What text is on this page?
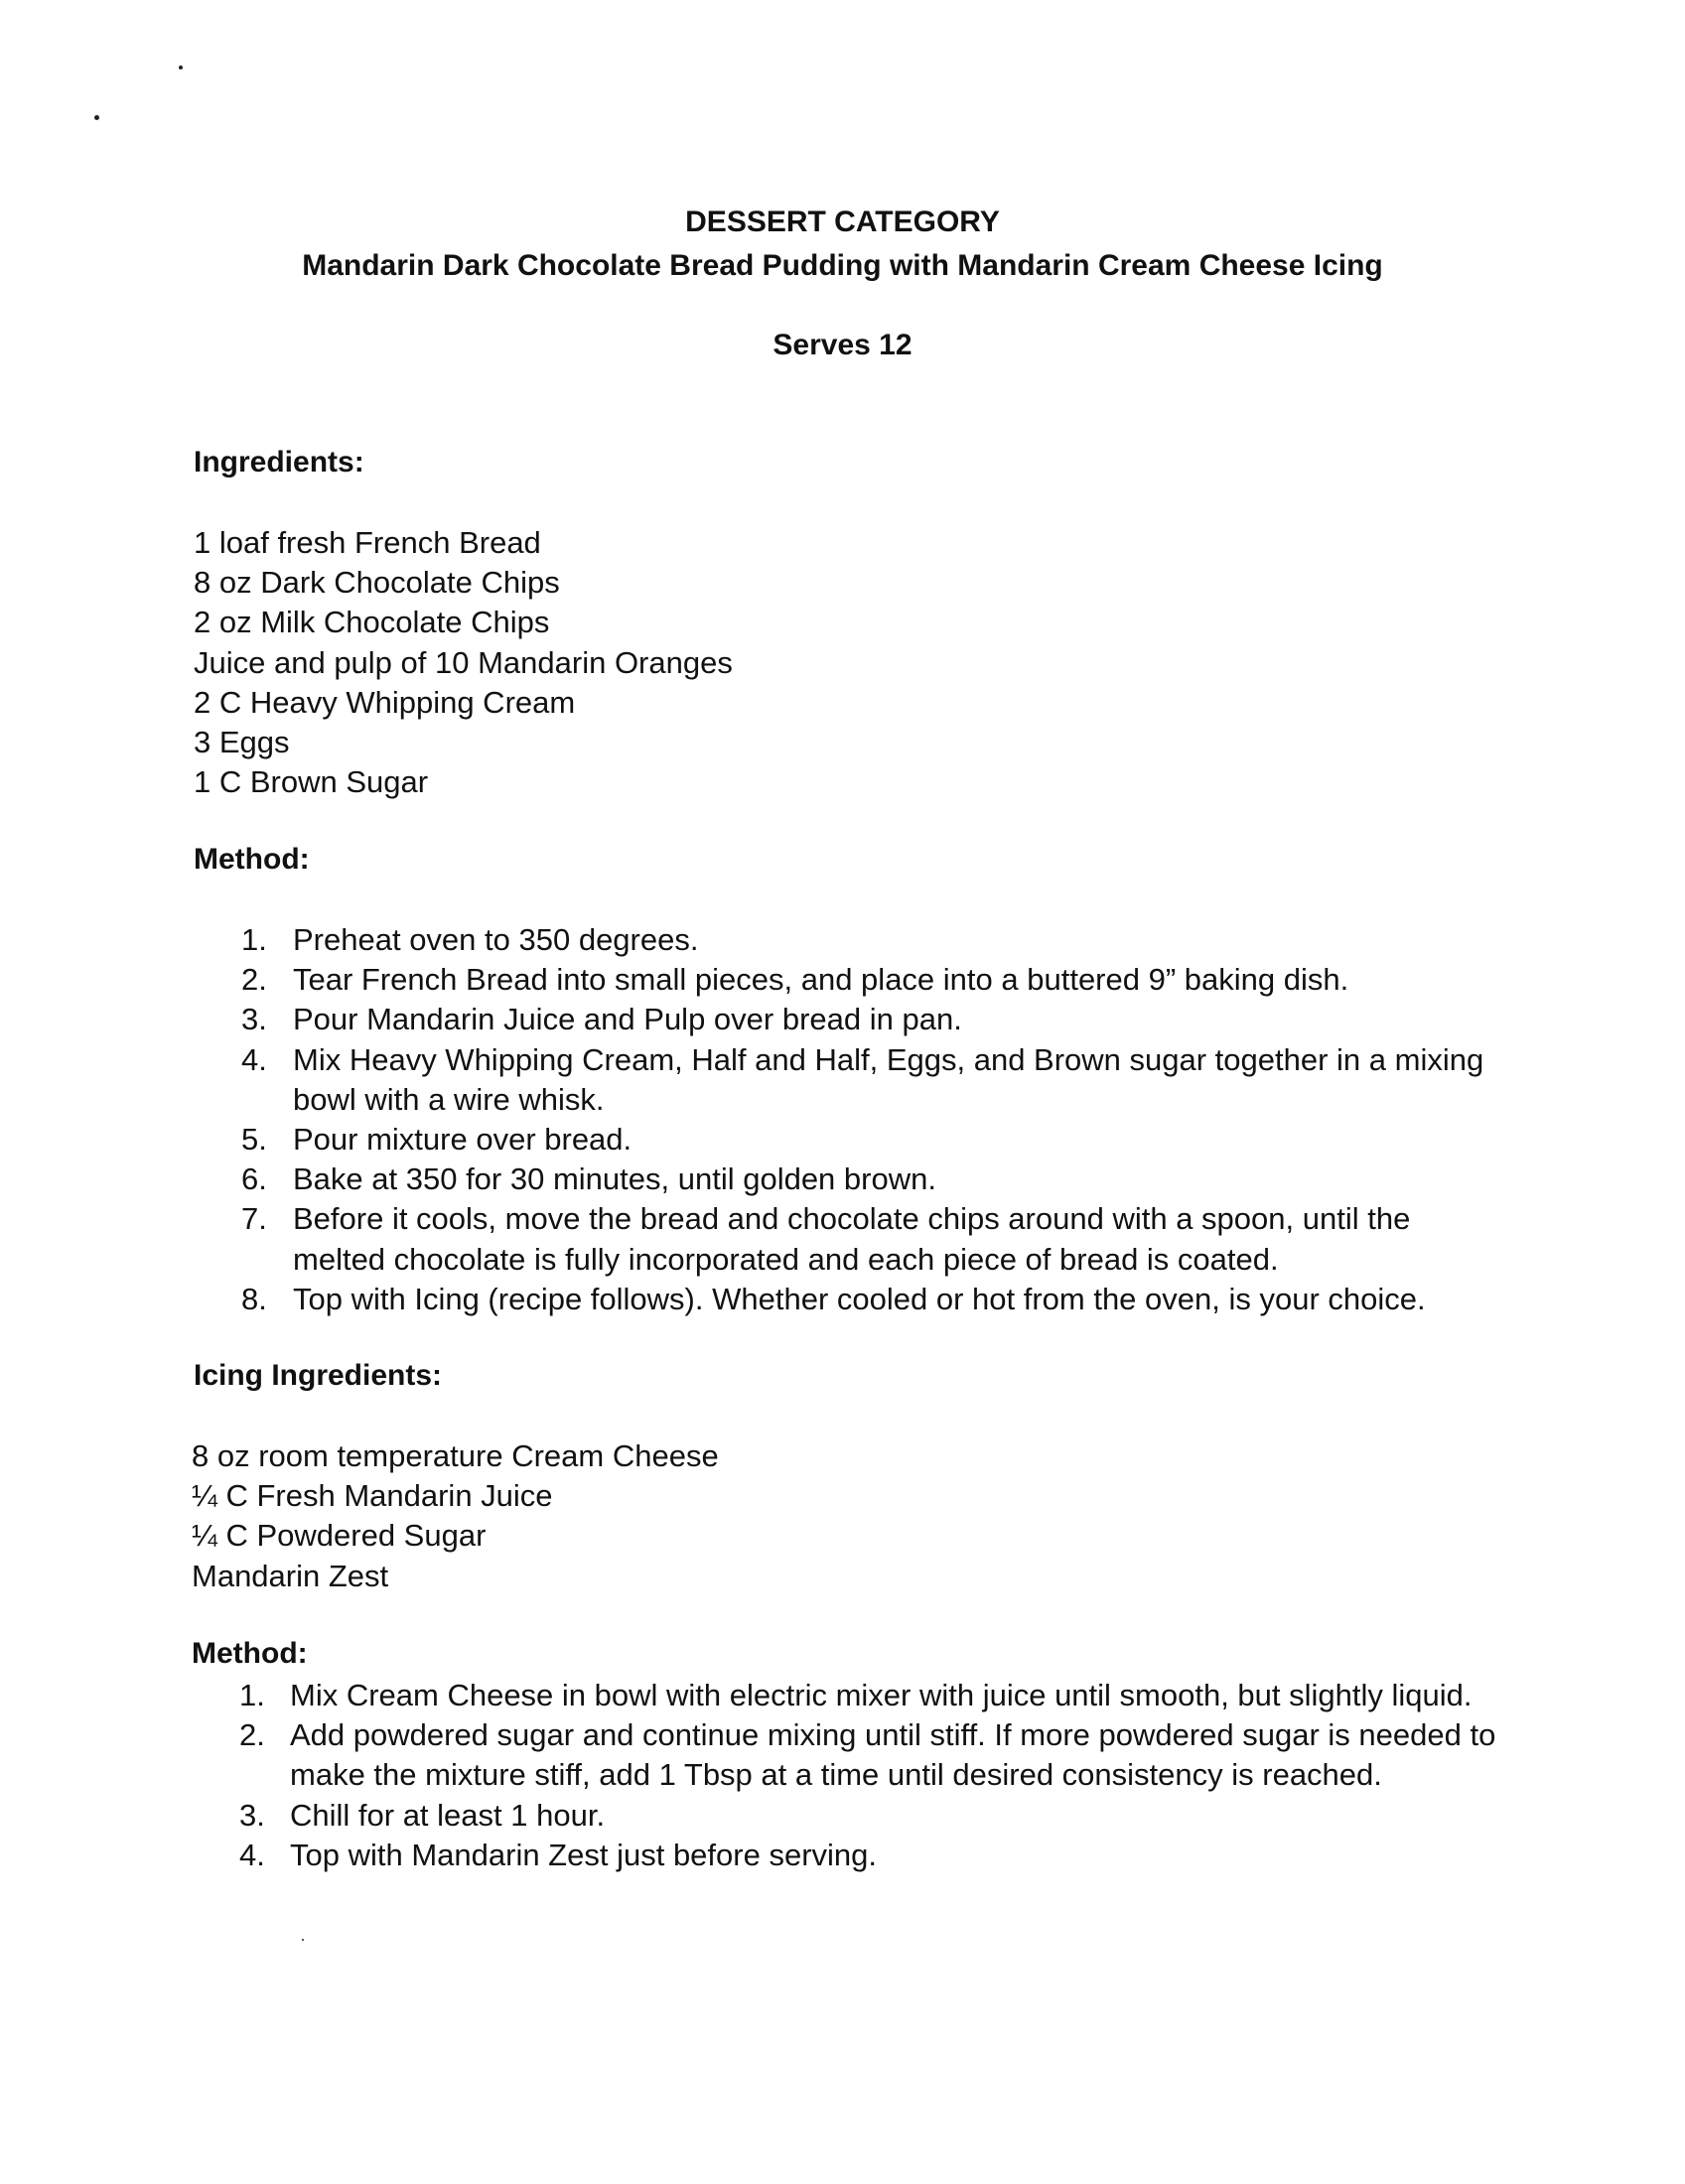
DESSERT CATEGORY
Mandarin Dark Chocolate Bread Pudding with Mandarin Cream Cheese Icing
Serves 12
Ingredients:
1 loaf fresh French Bread
8 oz Dark Chocolate Chips
2 oz Milk Chocolate Chips
Juice and pulp of 10 Mandarin Oranges
2 C Heavy Whipping Cream
3 Eggs
1 C Brown Sugar
Method:
1. Preheat oven to 350 degrees.
2. Tear French Bread into small pieces, and place into a buttered 9” baking dish.
3. Pour Mandarin Juice and Pulp over bread in pan.
4. Mix Heavy Whipping Cream, Half and Half, Eggs, and Brown sugar together in a mixing bowl with a wire whisk.
5. Pour mixture over bread.
6. Bake at 350 for 30 minutes, until golden brown.
7. Before it cools, move the bread and chocolate chips around with a spoon, until the melted chocolate is fully incorporated and each piece of bread is coated.
8. Top with Icing (recipe follows). Whether cooled or hot from the oven, is your choice.
Icing Ingredients:
8 oz room temperature Cream Cheese
¼ C Fresh Mandarin Juice
¼ C Powdered Sugar
Mandarin Zest
Method:
1. Mix Cream Cheese in bowl with electric mixer with juice until smooth, but slightly liquid.
2. Add powdered sugar and continue mixing until stiff. If more powdered sugar is needed to make the mixture stiff, add 1 Tbsp at a time until desired consistency is reached.
3. Chill for at least 1 hour.
4. Top with Mandarin Zest just before serving.
